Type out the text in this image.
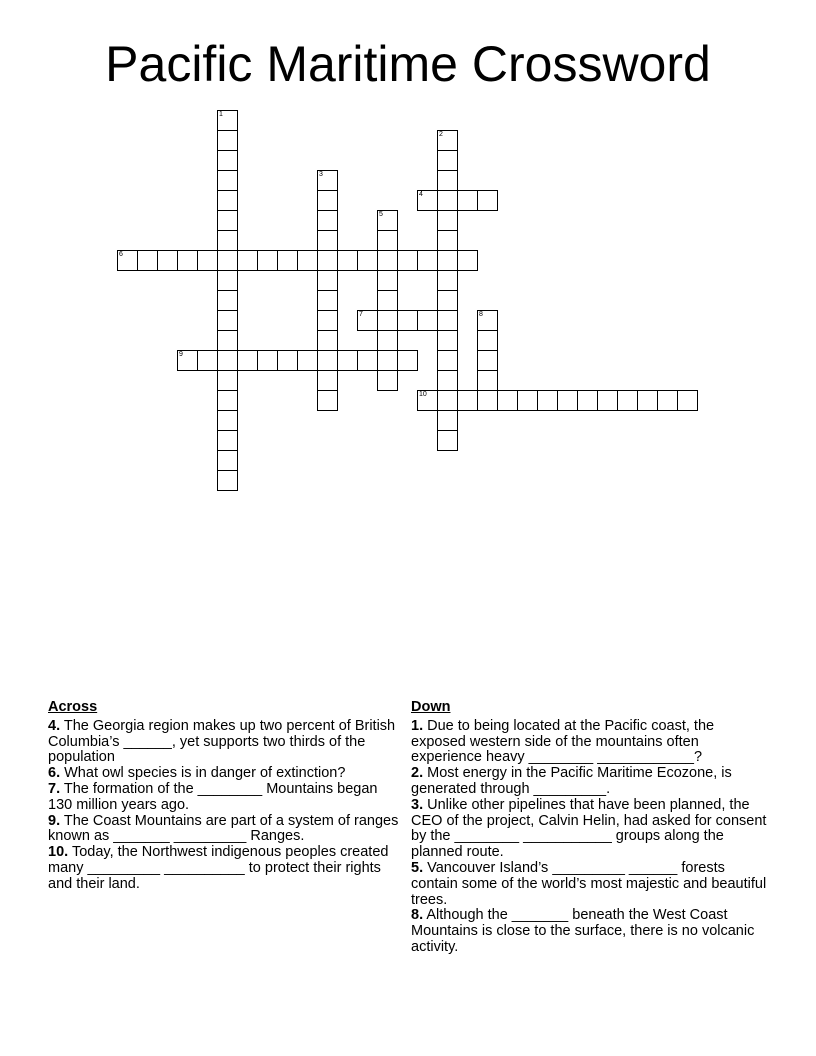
Pacific Maritime Crossword
1
2
3
4
5
6
7	8
9
10
Across
4. The Georgia region makes up two percent of British Columbia’s ______, yet supports two thirds of the population
6. What owl species is in danger of extinction?
7. The formation of the ________ Mountains began 130 million years ago.
9. The Coast Mountains are part of a system of ranges known as _______ _________ Ranges.
10. Today, the Northwest indigenous peoples created many _________ __________ to protect their rights and their land.
Down
1. Due to being located at the Pacific coast, the exposed western side of the mountains often experience heavy ________ ____________?
2. Most energy in the Pacific Maritime Ecozone, is generated through _________.
3. Unlike other pipelines that have been planned, the CEO of the project, Calvin Helin, had asked for consent by the ________ ___________ groups along the planned route.
5. Vancouver Island’s _________ ______ forests contain some of the world’s most majestic and beautiful trees.
8. Although the _______ beneath the West Coast Mountains is close to the surface, there is no volcanic activity.
